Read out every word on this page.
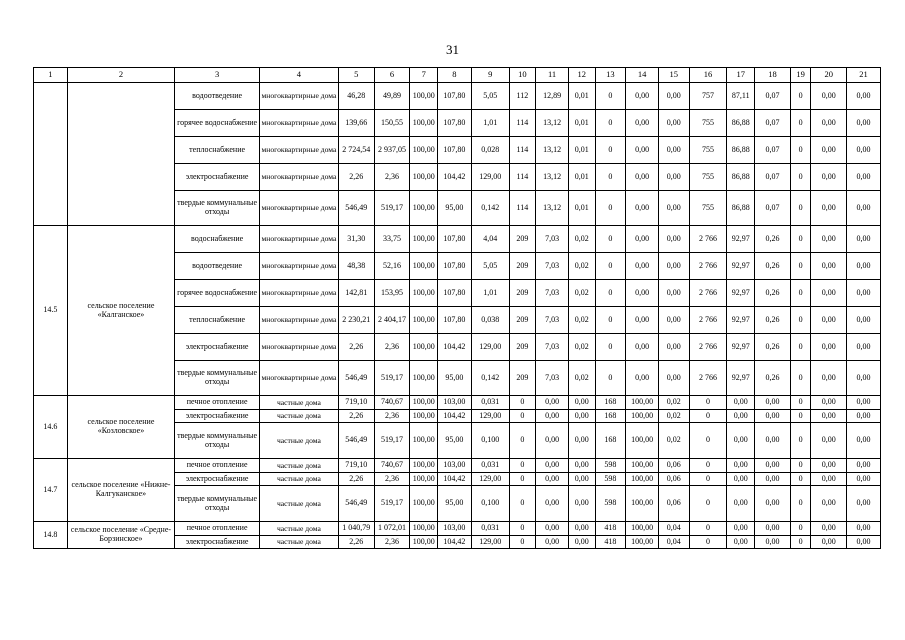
31
1	2	3	4	5	6	7	8	9	10	11	12	13	14	15	16	17	18	19	20	21
		водоотведение	многоквартирные дома	46,28	49,89	100,00	107,80	5,05	112	12,89	0,01	0	0,00	0,00	757	87,11	0,07	0	0,00	0,00
		горячее водоснабжение	многоквартирные дома	139,66	150,55	100,00	107,80	1,01	114	13,12	0,01	0	0,00	0,00	755	86,88	0,07	0	0,00	0,00
		теплоснабжение	многоквартирные дома	2 724,54	2 937,05	100,00	107,80	0,028	114	13,12	0,01	0	0,00	0,00	755	86,88	0,07	0	0,00	0,00
		электроснабжение	многоквартирные дома	2,26	2,36	100,00	104,42	129,00	114	13,12	0,01	0	0,00	0,00	755	86,88	0,07	0	0,00	0,00
		твердые коммунальные отходы	многоквартирные дома	546,49	519,17	100,00	95,00	0,142	114	13,12	0,01	0	0,00	0,00	755	86,88	0,07	0	0,00	0,00
14.5	сельское поселение «Калганское»	водоснабжение	многоквартирные дома	31,30	33,75	100,00	107,80	4,04	209	7,03	0,02	0	0,00	0,00	2 766	92,97	0,26	0	0,00	0,00
		водоотведение	многоквартирные дома	48,38	52,16	100,00	107,80	5,05	209	7,03	0,02	0	0,00	0,00	2 766	92,97	0,26	0	0,00	0,00
		горячее водоснабжение	многоквартирные дома	142,81	153,95	100,00	107,80	1,01	209	7,03	0,02	0	0,00	0,00	2 766	92,97	0,26	0	0,00	0,00
		теплоснабжение	многоквартирные дома	2 230,21	2 404,17	100,00	107,80	0,038	209	7,03	0,02	0	0,00	0,00	2 766	92,97	0,26	0	0,00	0,00
		электроснабжение	многоквартирные дома	2,26	2,36	100,00	104,42	129,00	209	7,03	0,02	0	0,00	0,00	2 766	92,97	0,26	0	0,00	0,00
		твердые коммунальные отходы	многоквартирные дома	546,49	519,17	100,00	95,00	0,142	209	7,03	0,02	0	0,00	0,00	2 766	92,97	0,26	0	0,00	0,00
14.6	сельское поселение «Козловское»	печное отопление	частные дома	719,10	740,67	100,00	103,00	0,031	0	0,00	0,00	168	100,00	0,02	0	0,00	0,00	0	0,00	0,00
		электроснабжение	частные дома	2,26	2,36	100,00	104,42	129,00	0	0,00	0,00	168	100,00	0,02	0	0,00	0,00	0	0,00	0,00
		твердые коммунальные отходы	частные дома	546,49	519,17	100,00	95,00	0,100	0	0,00	0,00	168	100,00	0,02	0	0,00	0,00	0	0,00	0,00
14.7	сельское поселение «Нижне-Калгуканское»	печное отопление	частные дома	719,10	740,67	100,00	103,00	0,031	0	0,00	0,00	598	100,00	0,06	0	0,00	0,00	0	0,00	0,00
		электроснабжение	частные дома	2,26	2,36	100,00	104,42	129,00	0	0,00	0,00	598	100,00	0,06	0	0,00	0,00	0	0,00	0,00
		твердые коммунальные отходы	частные дома	546,49	519,17	100,00	95,00	0,100	0	0,00	0,00	598	100,00	0,06	0	0,00	0,00	0	0,00	0,00
14.8	сельское поселение «Средне-Борзинское»	печное отопление	частные дома	1 040,79	1 072,01	100,00	103,00	0,031	0	0,00	0,00	418	100,00	0,04	0	0,00	0,00	0	0,00	0,00
		электроснабжение	частные дома	2,26	2,36	100,00	104,42	129,00	0	0,00	0,00	418	100,00	0,04	0	0,00	0,00	0	0,00	0,00
